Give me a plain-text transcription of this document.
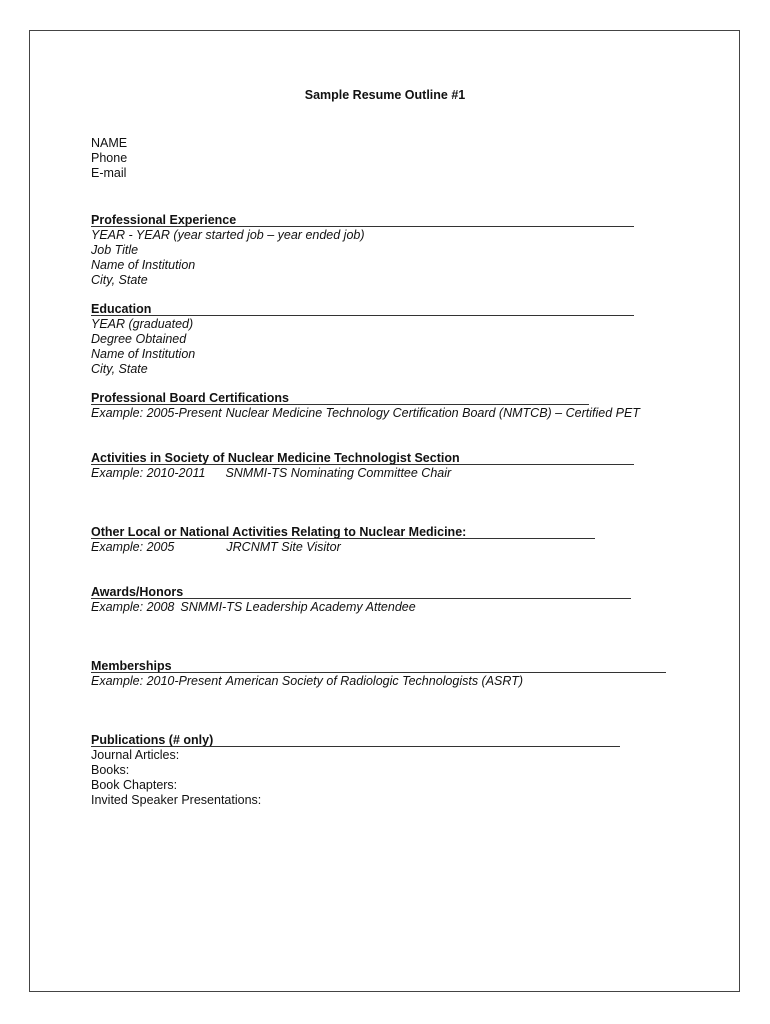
Sample Resume Outline #1
NAME
Phone
E-mail
Professional Experience
YEAR - YEAR (year started job – year ended job)
Job Title
Name of Institution
City, State
Education
YEAR (graduated)
Degree Obtained
Name of Institution
City, State
Professional Board Certifications
Example: 2005-Present Nuclear Medicine Technology Certification Board (NMTCB) – Certified PET
Activities in Society of Nuclear Medicine Technologist Section
Example: 2010-2011 SNMMI-TS Nominating Committee Chair
Other Local or National Activities Relating to Nuclear Medicine:
Example: 2005	JRCNMT Site Visitor
Awards/Honors
Example: 2008 SNMMI-TS Leadership Academy Attendee
Memberships
Example: 2010-Present American Society of Radiologic Technologists (ASRT)
Publications (# only)
Journal Articles:
Books:
Book Chapters:
Invited Speaker Presentations:
